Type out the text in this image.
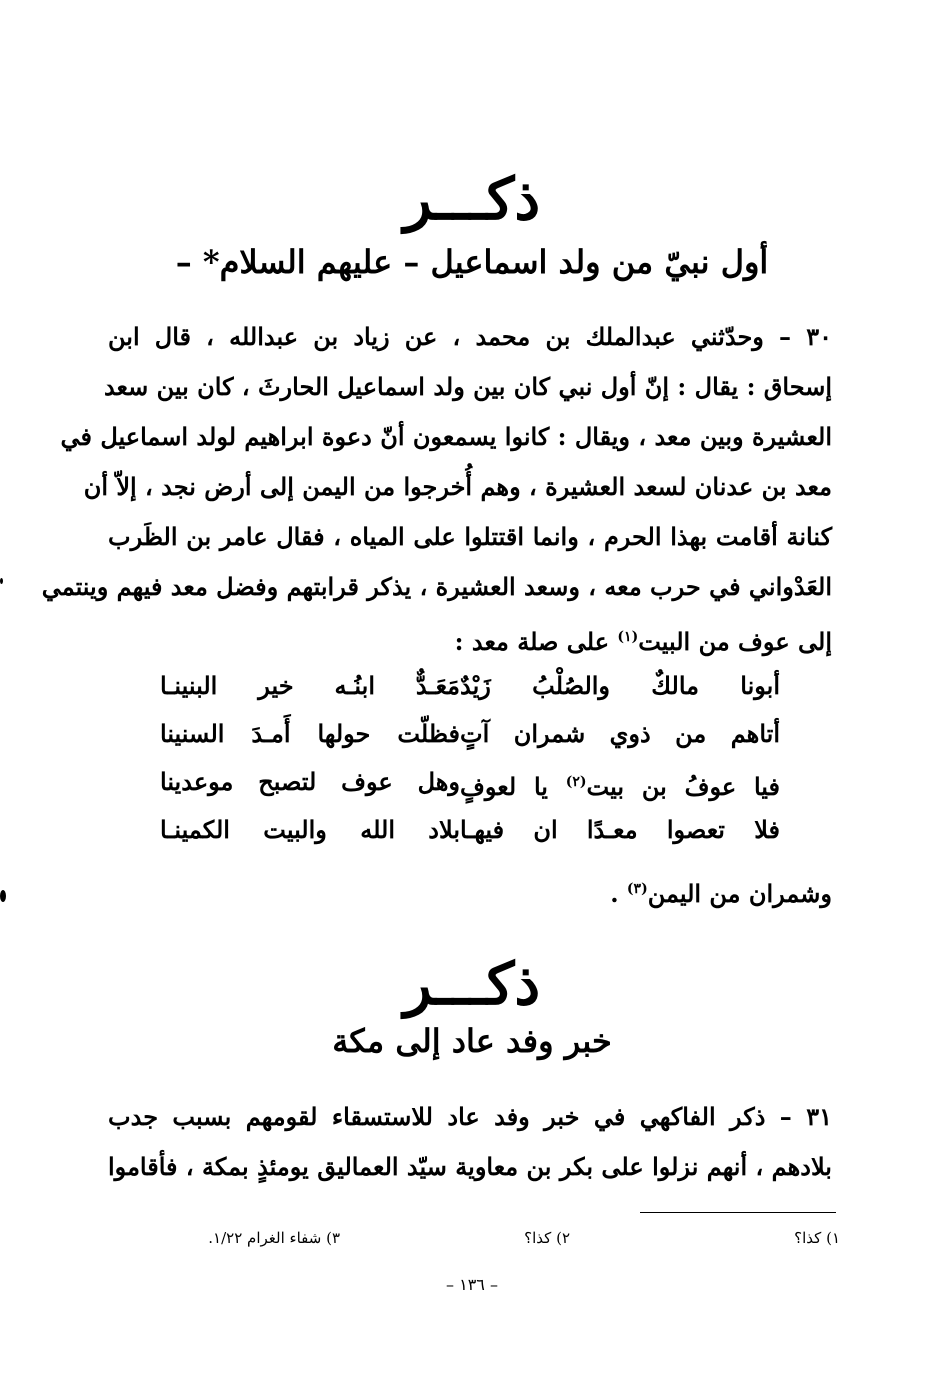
ذكـــر
أول نبيّ من ولد اسماعيل – عليهم السلام* –
٣٠ – وحدّثني عبدالملك بن محمد ، عن زياد بن عبدالله ، قال ابن
إسحاق : يقال : إنّ أول نبي كان بين ولد اسماعيل الحارثَ ، كان بين سعد
العشيرة وبين معد ، ويقال : كانوا يسمعون أنّ دعوة ابراهيم لولد اسماعيل في
معد بن عدنان لسعد العشيرة ، وهم أُخرجوا من اليمن إلى أرض نجد ، إلاّ أن
كنانة أقامت بهذا الحرم ، وانما اقتتلوا على المياه ، فقال عامر بن الظَرب
العَدْواني في حرب معه ، وسعد العشيرة ، يذكر قرابتهم وفضل معد فيهم وينتمي
إلى عوف من البيت$^{(١)}$ على صلة معد :
أبونا مالكٌ والصُلْبُ زَيْدٌ
مَعَـدٌّ ابنُـه خير البنينـا
أتاهم من ذوي شمران آتٍ
فظلّت حولها أَمـدَ السنينا
فيا عوفُ بن بيت$^{(٢)}$ يا لعوفٍ
وهل عوف لتصبح موعدينا
فلا تعصوا معـدًا ان فيهـا
بلاد الله والبيت الكمينـا
وشمران من اليمن$^{(٣)}$ .
ذكـــر
خبر وفد عاد إلى مكة
٣١ – ذكر الفاكهي في خبر وفد عاد للاستسقاء لقومهم بسبب جدب
بلادهم ، أنهم نزلوا على بكر بن معاوية سيّد العماليق يومئذٍ بمكة ، فأقاموا
١) كذا؟
٢) كذا؟
٣) شفاء الغرام ١/٢٢.
– ١٣٦ –
